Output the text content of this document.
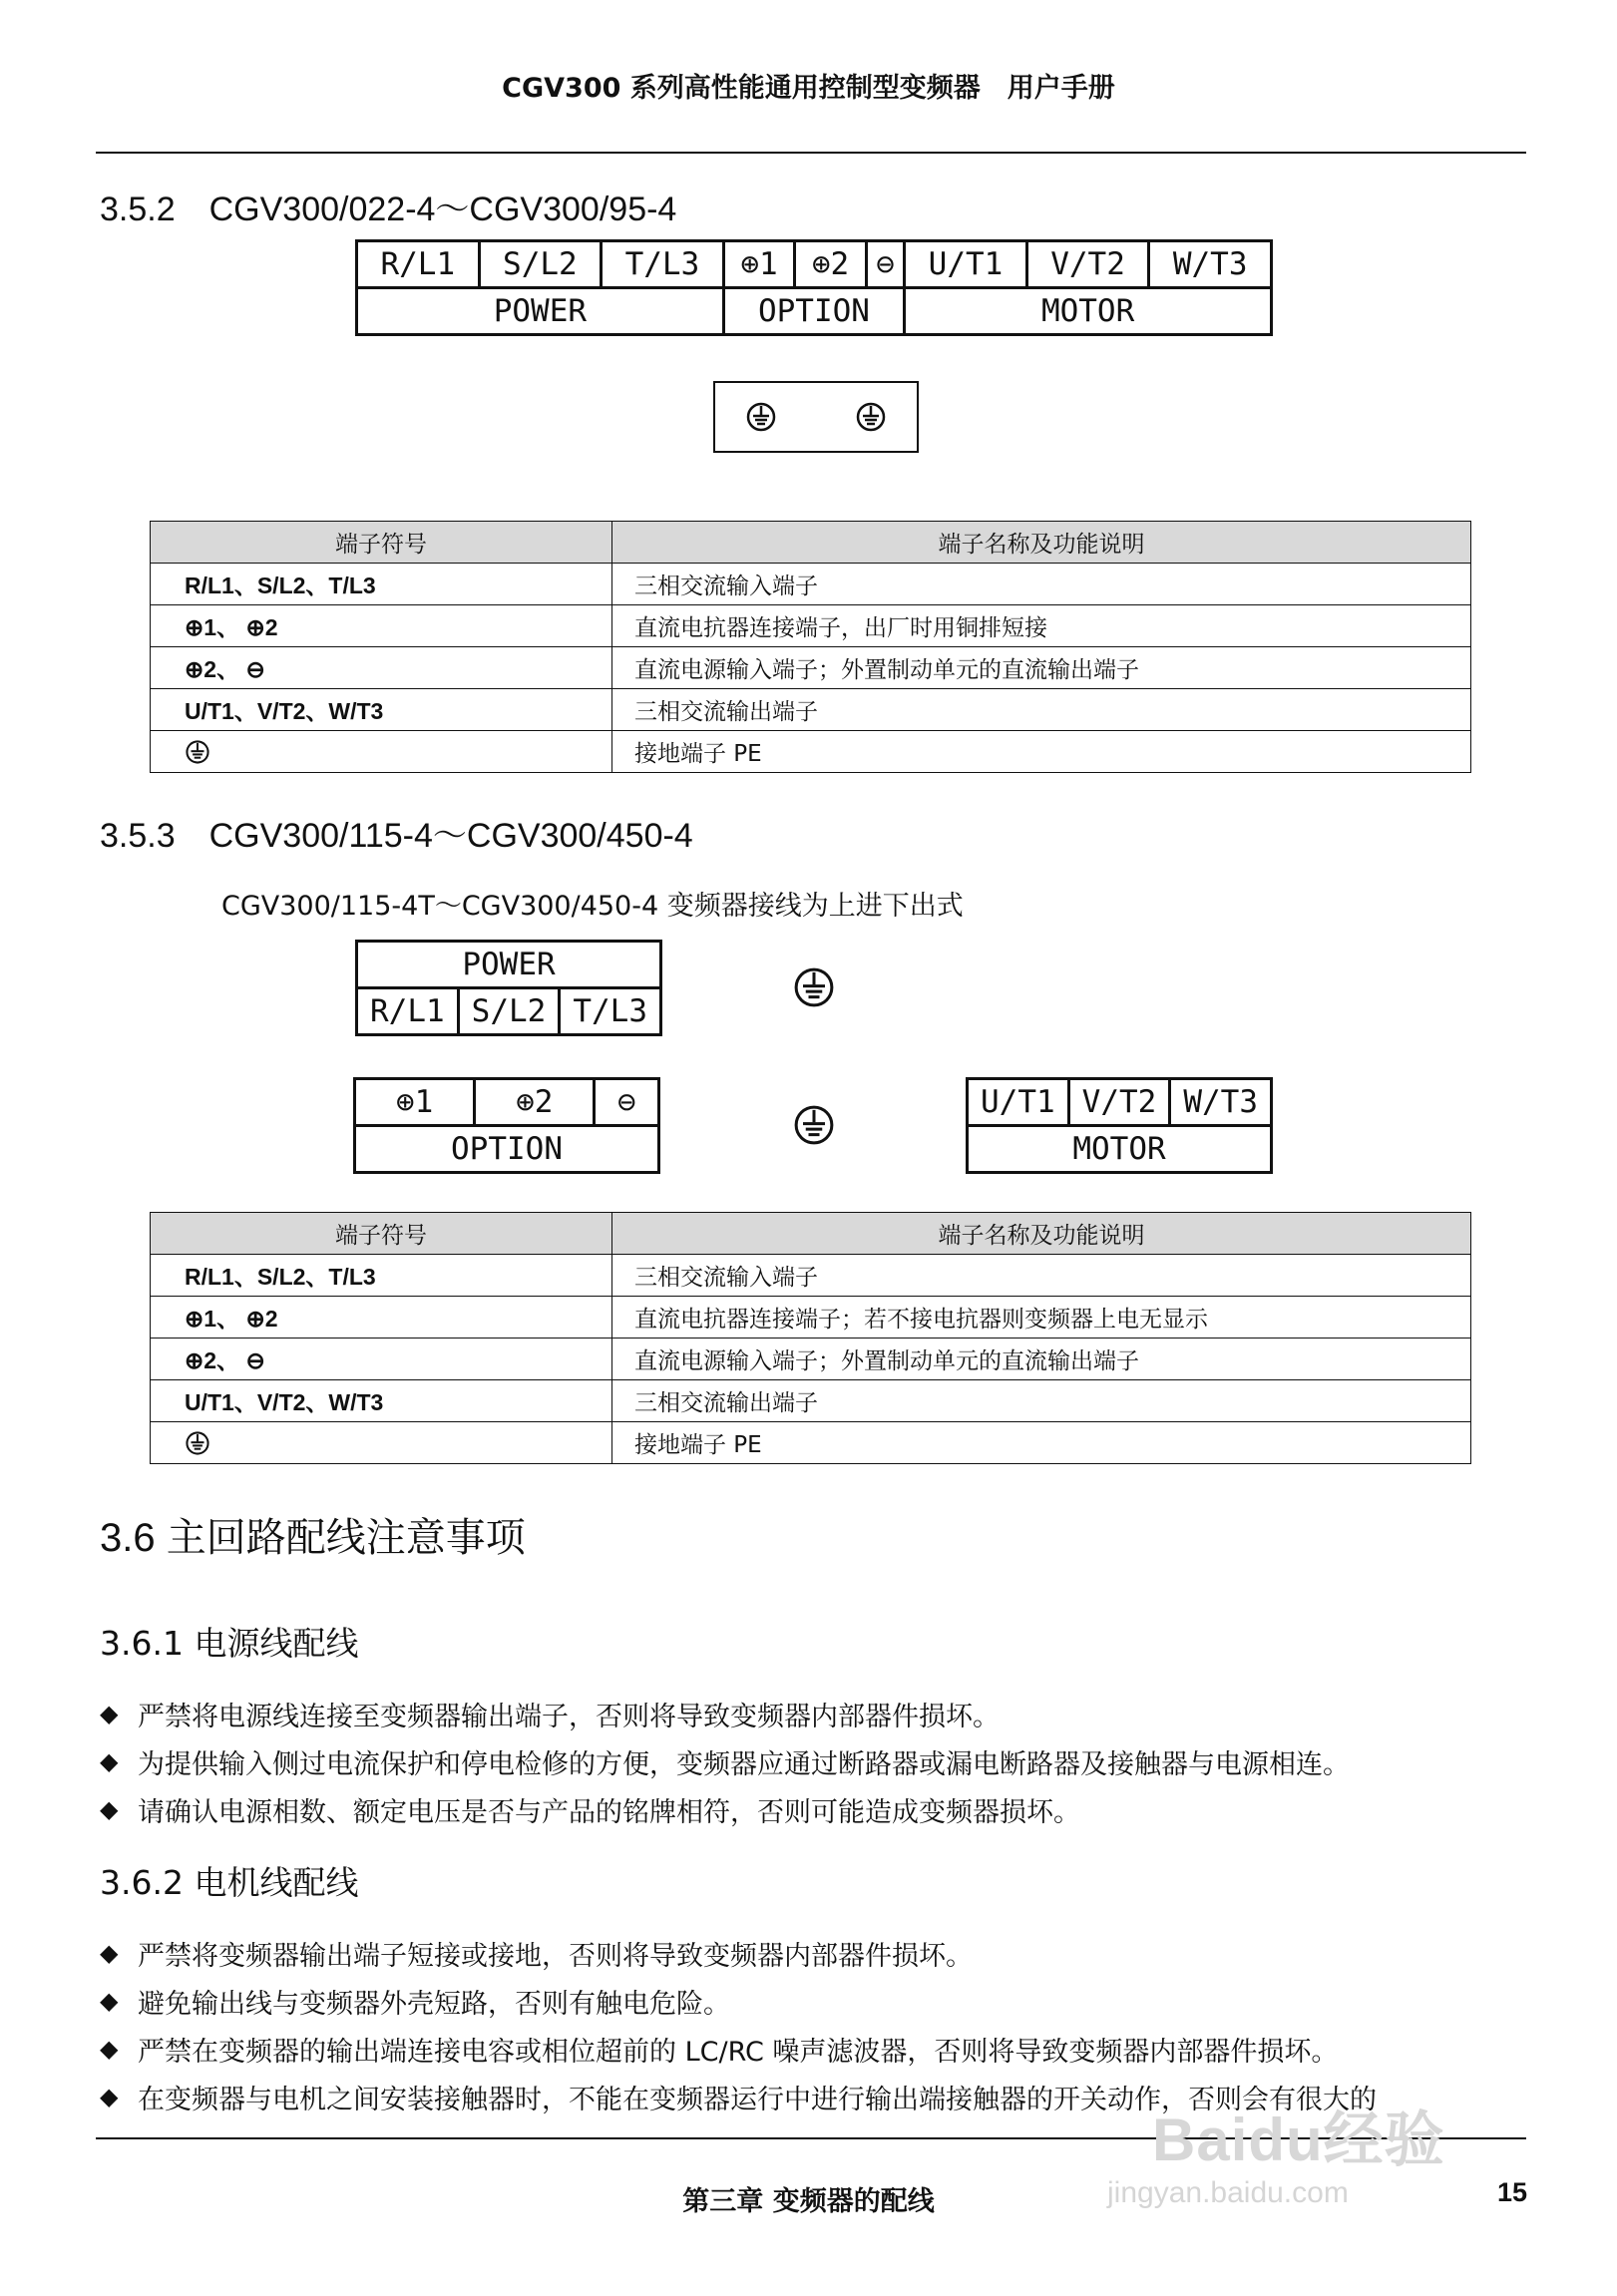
CGV300 系列高性能通用控制型变频器　用户手册
3.5.2　CGV300/022-4～CGV300/95-4
R/L1	S/L2	T/L3	⊕1	⊕2	⊖	U/T1	V/T2	W/T3
POWER			OPTION			MOTOR		
端子符号	端子名称及功能说明
R/L1、S/L2、T/L3	三相交流输入端子
⊕1、 ⊕2	直流电抗器连接端子，出厂时用铜排短接
⊕2、 ⊖	直流电源输入端子；外置制动单元的直流输出端子
U/T1、V/T2、W/T3	三相交流输出端子
	接地端子 PE
3.5.3　CGV300/115-4～CGV300/450-4
CGV300/115-4T～CGV300/450-4 变频器接线为上进下出式
POWER
R/L1	S/L2	T/L3
⊕1	⊕2	⊖
OPTION
U/T1	V/T2	W/T3
MOTOR
端子符号	端子名称及功能说明
R/L1、S/L2、T/L3	三相交流输入端子
⊕1、 ⊕2	直流电抗器连接端子；若不接电抗器则变频器上电无显示
⊕2、 ⊖	直流电源输入端子；外置制动单元的直流输出端子
U/T1、V/T2、W/T3	三相交流输出端子
	接地端子 PE
3.6 主回路配线注意事项
3.6.1 电源线配线
◆ 严禁将电源线连接至变频器输出端子，否则将导致变频器内部器件损坏。
◆ 为提供输入侧过电流保护和停电检修的方便，变频器应通过断路器或漏电断路器及接触器与电源相连。
◆ 请确认电源相数、额定电压是否与产品的铭牌相符，否则可能造成变频器损坏。
3.6.2 电机线配线
◆ 严禁将变频器输出端子短接或接地，否则将导致变频器内部器件损坏。
◆ 避免输出线与变频器外壳短路，否则有触电危险。
◆ 严禁在变频器的输出端连接电容或相位超前的 LC/RC 噪声滤波器，否则将导致变频器内部器件损坏。
◆ 在变频器与电机之间安装接触器时，不能在变频器运行中进行输出端接触器的开关动作，否则会有很大的
Baidu经验
jingyan.baidu.com
第三章 变频器的配线	15
